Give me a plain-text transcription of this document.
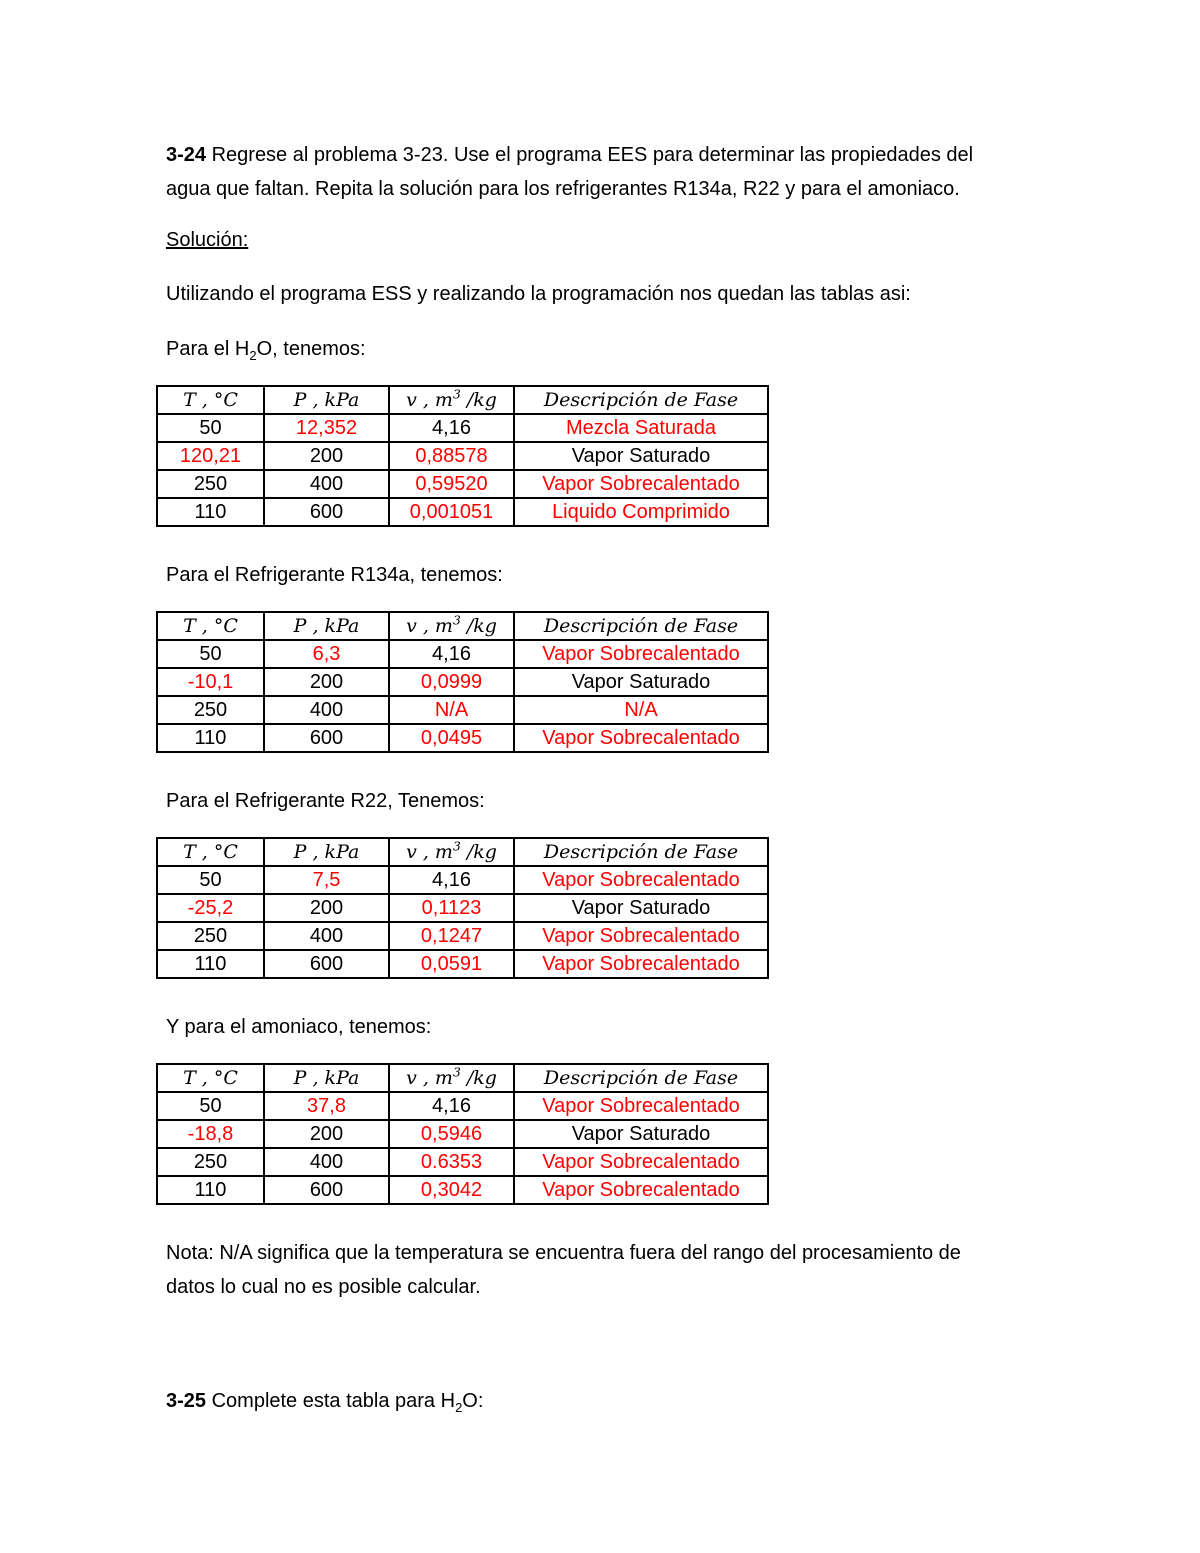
3-24 Regrese al problema 3-23. Use el programa EES para determinar las propiedades del
agua que faltan. Repita la solución para los refrigerantes R134a, R22 y para el amoniaco.

Solución:

Utilizando el programa ESS y realizando la programación nos quedan las tablas asi:

Para el $H_2O$, tenemos:

Para el Refrigerante R134a, tenemos:

Para el Refrigerante R22, Tenemos:

Y para el amoniaco, tenemos:

T , °C	P , kPa	v , $m^3$ /kg	Descripción de Fase
50	12,352	4,16	Mezcla Saturada
120,21	200	0,88578	Vapor Saturado
250	400	0,59520	Vapor Sobrecalentado
110	600	0,001051	Liquido Comprimido
T , °C	P , kPa	v , $m^3$ /kg	Descripción de Fase
50	6,3	4,16	Vapor Sobrecalentado
-10,1	200	0,0999	Vapor Saturado
250	400	N/A	N/A
110	600	0,0495	Vapor Sobrecalentado
T , °C	P , kPa	v , $m^3$ /kg	Descripción de Fase
50	7,5	4,16	Vapor Sobrecalentado
-25,2	200	0,1123	Vapor Saturado
250	400	0,1247	Vapor Sobrecalentado
110	600	0,0591	Vapor Sobrecalentado
T , °C	P , kPa	v , $m^3$ /kg	Descripción de Fase
50	37,8	4,16	Vapor Sobrecalentado
-18,8	200	0,5946	Vapor Saturado
250	400	0.6353	Vapor Sobrecalentado
110	600	0,3042	Vapor Sobrecalentado

Nota: N/A significa que la temperatura se encuentra fuera del rango del procesamiento de
datos lo cual no es posible calcular.

3-25 Complete esta tabla para $H_2O$:
